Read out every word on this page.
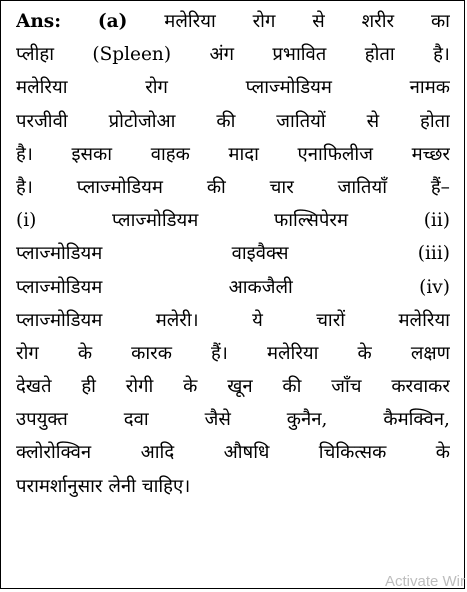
Ans: (a) मलेरिया रोग से शरीर का
प्लीहा (Spleen) अंग प्रभावित होता है।
मलेरिया	रोग	प्लाज्मोडियम	नामक
परजीवी प्रोटोजोआ की जातियों से होता
है। इसका वाहक मादा एनाफिलीज मच्छर
है। प्लाज्मोडियम की चार जातियाँ हैं–
(i)	प्लाज्मोडियम	फाल्सिपेरम	(ii)
प्लाज्मोडियम	वाइवैक्स	(iii)
प्लाज्मोडियम	आकजैली	(iv)
प्लाज्मोडियम	मलेरी।	ये	चारों	मलेरिया
रोग के कारक हैं। मलेरिया के लक्षण
देखते ही रोगी के खून की जाँच करवाकर
उपयुक्त	दवा	जैसे	कुनैन,	कैमक्विन,
क्लोरोक्विन	आदि	औषधि	चिकित्सक	के
परामर्शानुसार लेनी चाहिए।
Activate Wir
